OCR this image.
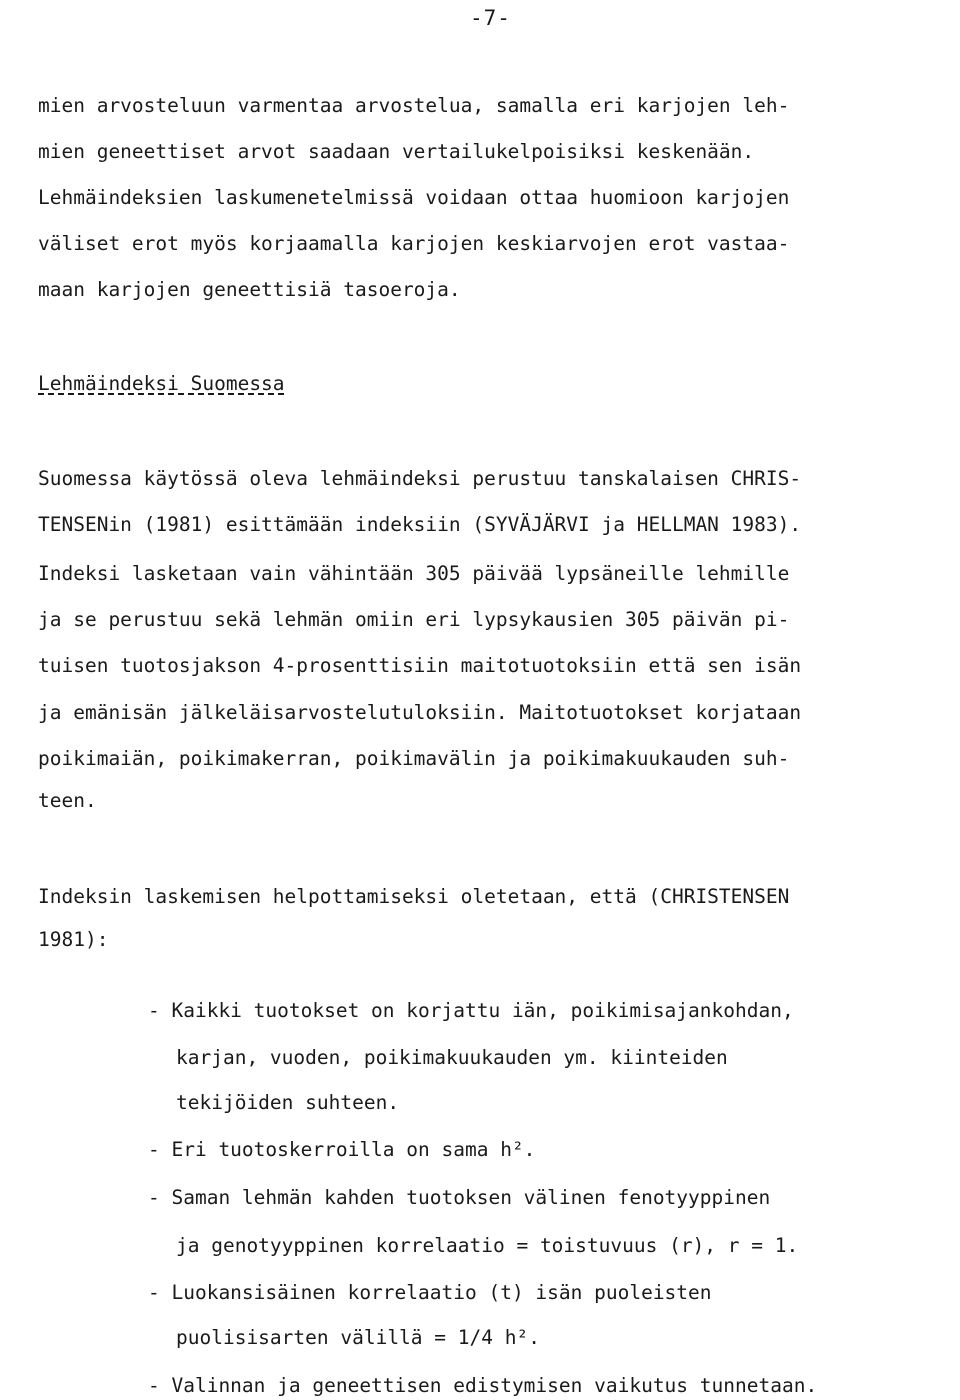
-7-
mien arvosteluun varmentaa arvostelua, samalla eri karjojen leh-
mien geneettiset arvot saadaan vertailukelpoisiksi keskenään.
Lehmäindeksien laskumenetelmissä voidaan ottaa huomioon karjojen
väliset erot myös korjaamalla karjojen keskiarvojen erot vastaa-
maan karjojen geneettisiä tasoeroja.
Lehmäindeksi Suomessa
Suomessa käytössä oleva lehmäindeksi perustuu tanskalaisen CHRIS-
TENSENin (1981) esittämään indeksiin (SYVÄJÄRVI ja HELLMAN 1983).
Indeksi lasketaan vain vähintään 305 päivää lypsäneille lehmille
ja se perustuu sekä lehmän omiin eri lypsykausien 305 päivän pi-
tuisen tuotosjakson 4-prosenttisiin maitotuotoksiin että sen isän
ja emänisän jälkeläisarvostelutuloksiin. Maitotuotokset korjataan
poikimaiän, poikimakerran, poikimavälin ja poikimakuukauden suh-
teen.
Indeksin laskemisen helpottamiseksi oletetaan, että (CHRISTENSEN
1981):
- Kaikki tuotokset on korjattu iän, poikimisajankohdan,
karjan, vuoden, poikimakuukauden ym. kiinteiden
tekijöiden suhteen.
- Eri tuotoskerroilla on sama h².
- Saman lehmän kahden tuotoksen välinen fenotyyppinen
ja genotyyppinen korrelaatio = toistuvuus (r), r = 1.
- Luokansisäinen korrelaatio (t) isän puoleisten
puolisisarten välillä = 1/4 h².
- Valinnan ja geneettisen edistymisen vaikutus tunnetaan.
